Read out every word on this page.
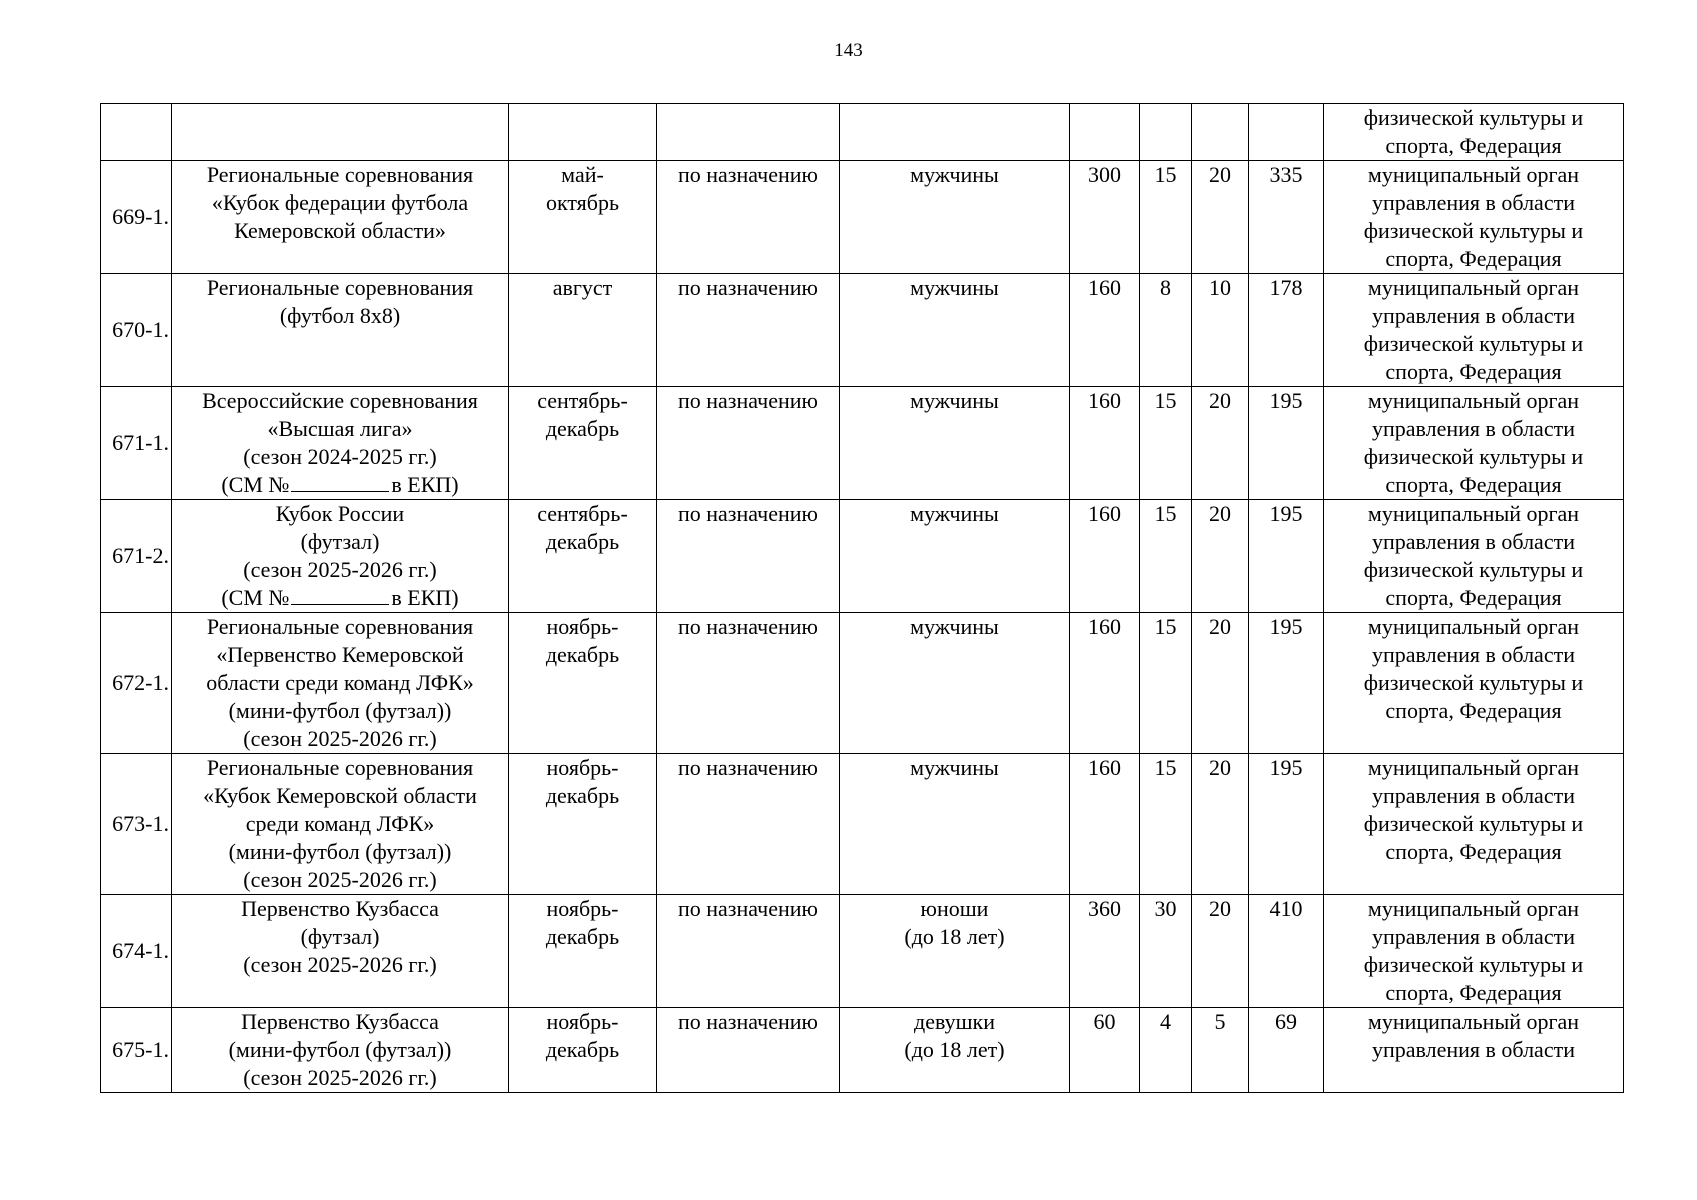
143

									физической культуры и
спорта, Федерация

669-1.	Региональные соревнования
«Кубок федерации футбола
Кемеровской области»	май-
октябрь	по назначению	мужчины	300	15	20	335	муниципальный орган
управления в области
физической культуры и
спорта, Федерация

670-1.	Региональные соревнования
(футбол 8х8)	август	по назначению	мужчины	160	8	10	178	муниципальный орган
управления в области
физической культуры и
спорта, Федерация

671-1.	Всероссийские соревнования
«Высшая лига»
(сезон 2024-2025 гг.)
(СМ № в ЕКП)	сентябрь-
декабрь	по назначению	мужчины	160	15	20	195	муниципальный орган
управления в области
физической культуры и
спорта, Федерация

671-2.	Кубок России
(футзал)
(сезон 2025-2026 гг.)
(СМ № в ЕКП)	сентябрь-
декабрь	по назначению	мужчины	160	15	20	195	муниципальный орган
управления в области
физической культуры и
спорта, Федерация

672-1.	Региональные соревнования
«Первенство Кемеровской
области среди команд ЛФК»
(мини-футбол (футзал))
(сезон 2025-2026 гг.)	ноябрь-
декабрь	по назначению	мужчины	160	15	20	195	муниципальный орган
управления в области
физической культуры и
спорта, Федерация

673-1.	Региональные соревнования
«Кубок Кемеровской области
среди команд ЛФК»
(мини-футбол (футзал))
(сезон 2025-2026 гг.)	ноябрь-
декабрь	по назначению	мужчины	160	15	20	195	муниципальный орган
управления в области
физической культуры и
спорта, Федерация

674-1.	Первенство Кузбасса
(футзал)
(сезон 2025-2026 гг.)	ноябрь-
декабрь	по назначению	юноши
(до 18 лет)	360	30	20	410	муниципальный орган
управления в области
физической культуры и
спорта, Федерация

675-1.	Первенство Кузбасса
(мини-футбол (футзал))
(сезон 2025-2026 гг.)	ноябрь-
декабрь	по назначению	девушки
(до 18 лет)	60	4	5	69	муниципальный орган
управления в области
